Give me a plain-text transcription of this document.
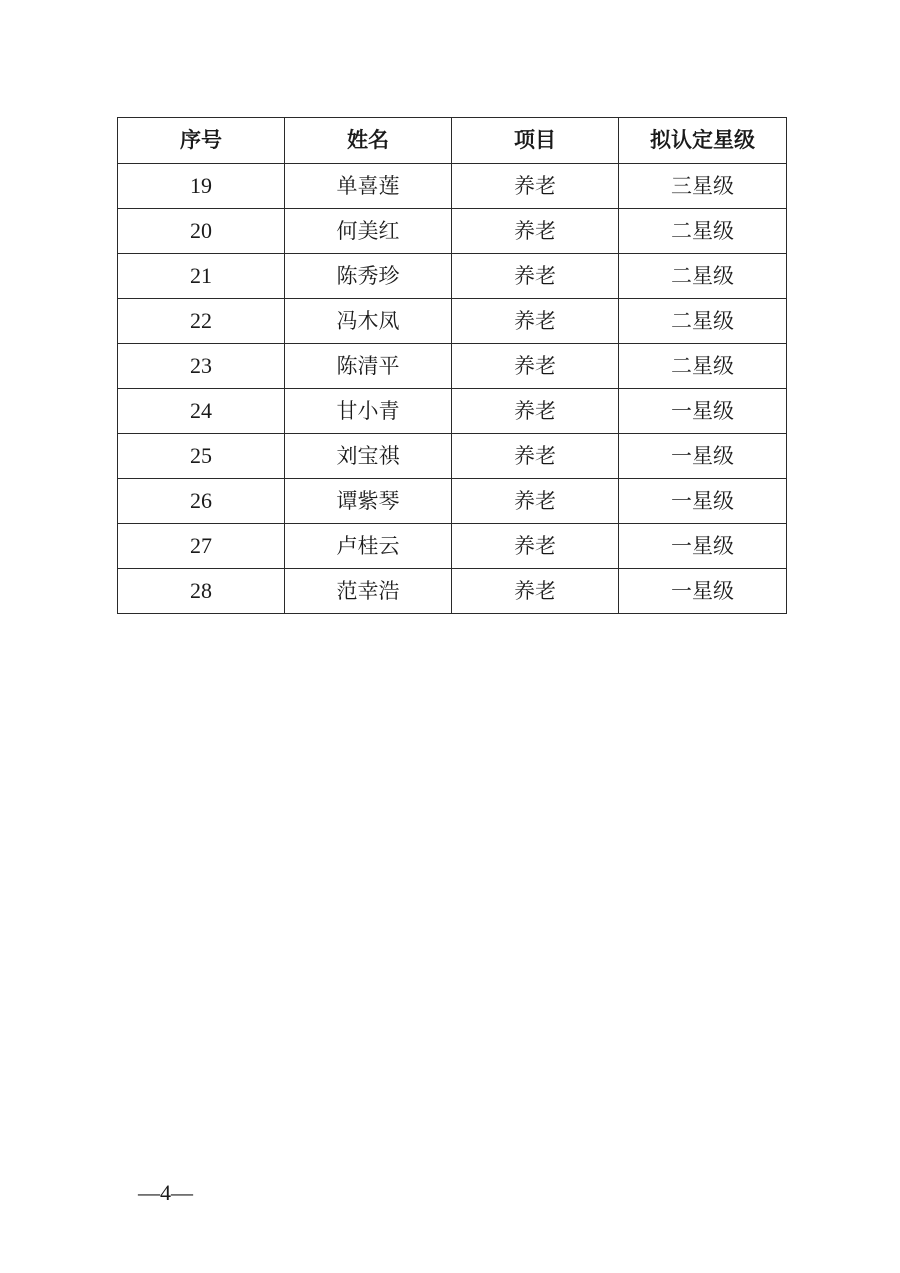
序号	姓名	项目	拟认定星级
19	单喜莲	养老	三星级
20	何美红	养老	二星级
21	陈秀珍	养老	二星级
22	冯木凤	养老	二星级
23	陈清平	养老	二星级
24	甘小青	养老	一星级
25	刘宝祺	养老	一星级
26	谭紫琴	养老	一星级
27	卢桂云	养老	一星级
28	范幸浩	养老	一星级
—4—
